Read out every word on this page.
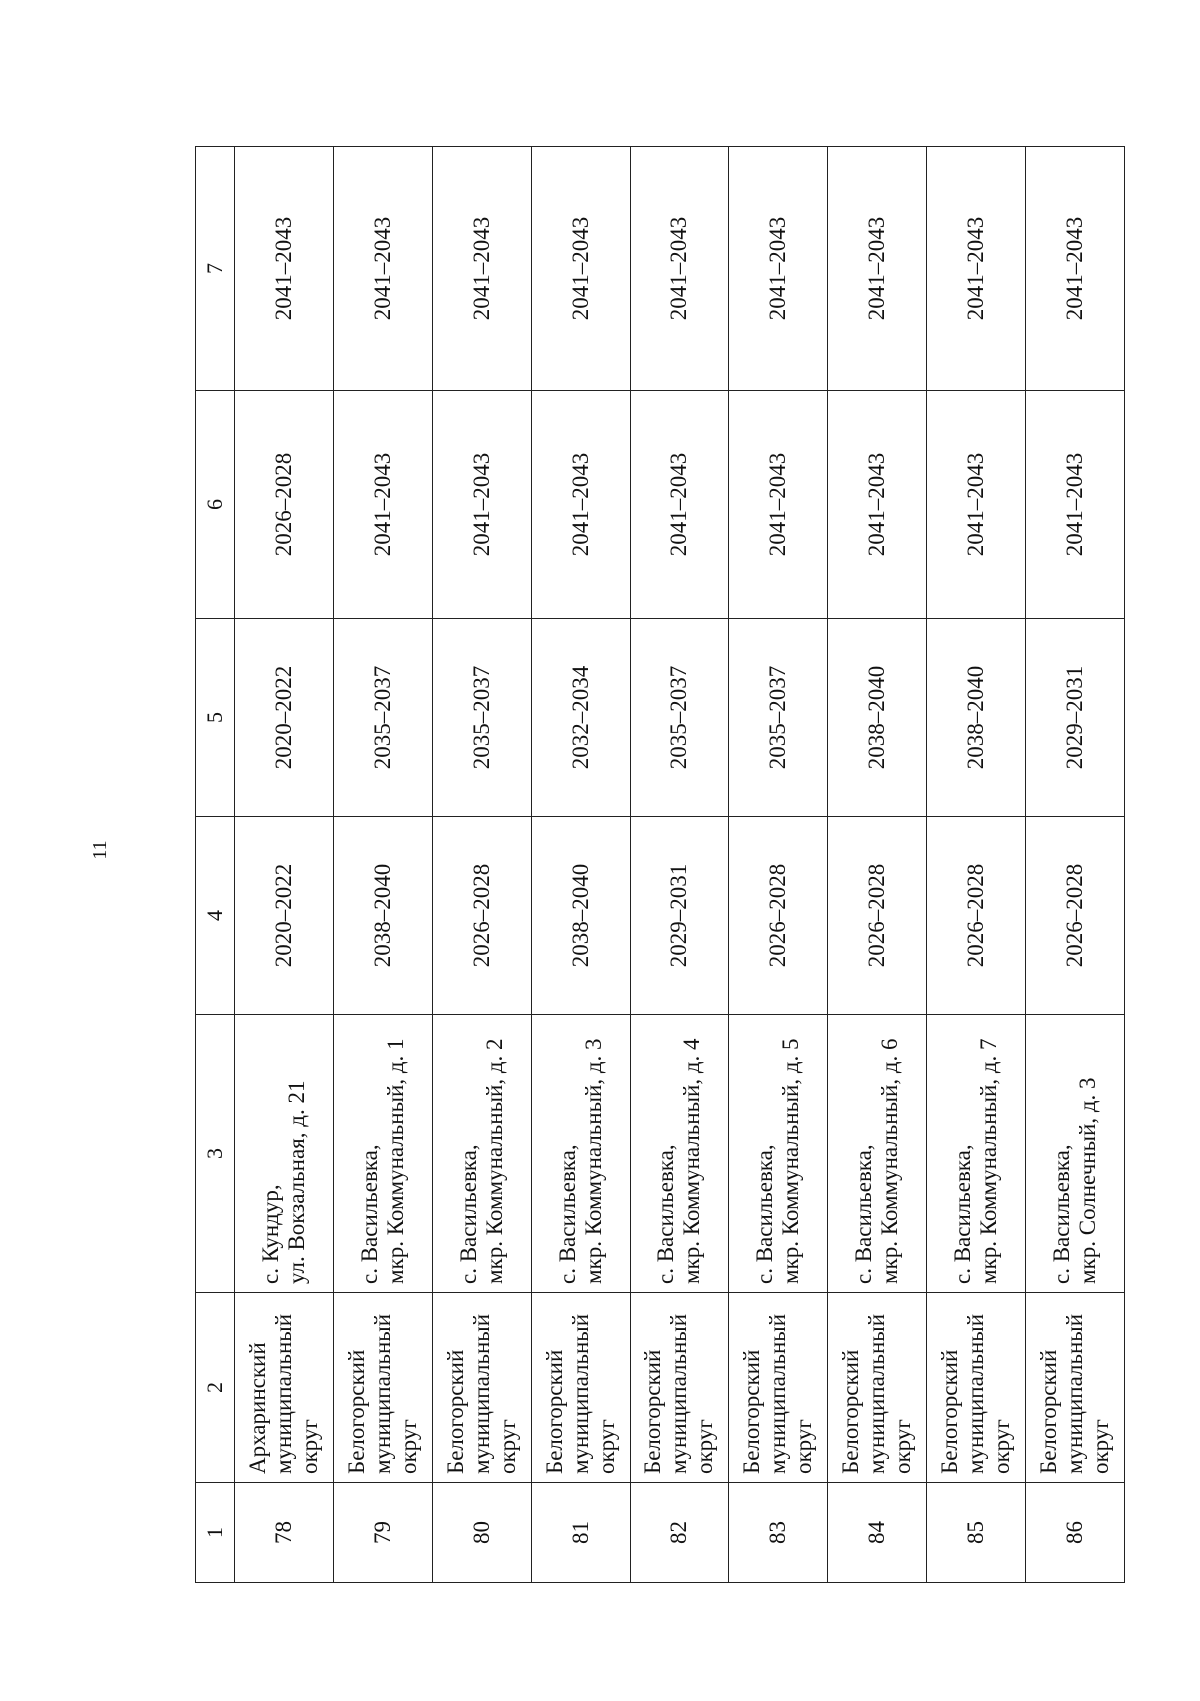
11
1	2	3	4	5	6	7
78	Архаринский муниципальный округ	с. Кундур, ул. Вокзальная, д. 21	2020–2022	2020–2022	2026–2028	2041–2043
79	Белогорский муниципальный округ	с. Васильевка, мкр. Коммунальный, д. 1	2038–2040	2035–2037	2041–2043	2041–2043
80	Белогорский муниципальный округ	с. Васильевка, мкр. Коммунальный, д. 2	2026–2028	2035–2037	2041–2043	2041–2043
81	Белогорский муниципальный округ	с. Васильевка, мкр. Коммунальный, д. 3	2038–2040	2032–2034	2041–2043	2041–2043
82	Белогорский муниципальный округ	с. Васильевка, мкр. Коммунальный, д. 4	2029–2031	2035–2037	2041–2043	2041–2043
83	Белогорский муниципальный округ	с. Васильевка, мкр. Коммунальный, д. 5	2026–2028	2035–2037	2041–2043	2041–2043
84	Белогорский муниципальный округ	с. Васильевка, мкр. Коммунальный, д. 6	2026–2028	2038–2040	2041–2043	2041–2043
85	Белогорский муниципальный округ	с. Васильевка, мкр. Коммунальный, д. 7	2026–2028	2038–2040	2041–2043	2041–2043
86	Белогорский муниципальный округ	с. Васильевка, мкр. Солнечный, д. 3	2026–2028	2029–2031	2041–2043	2041–2043
